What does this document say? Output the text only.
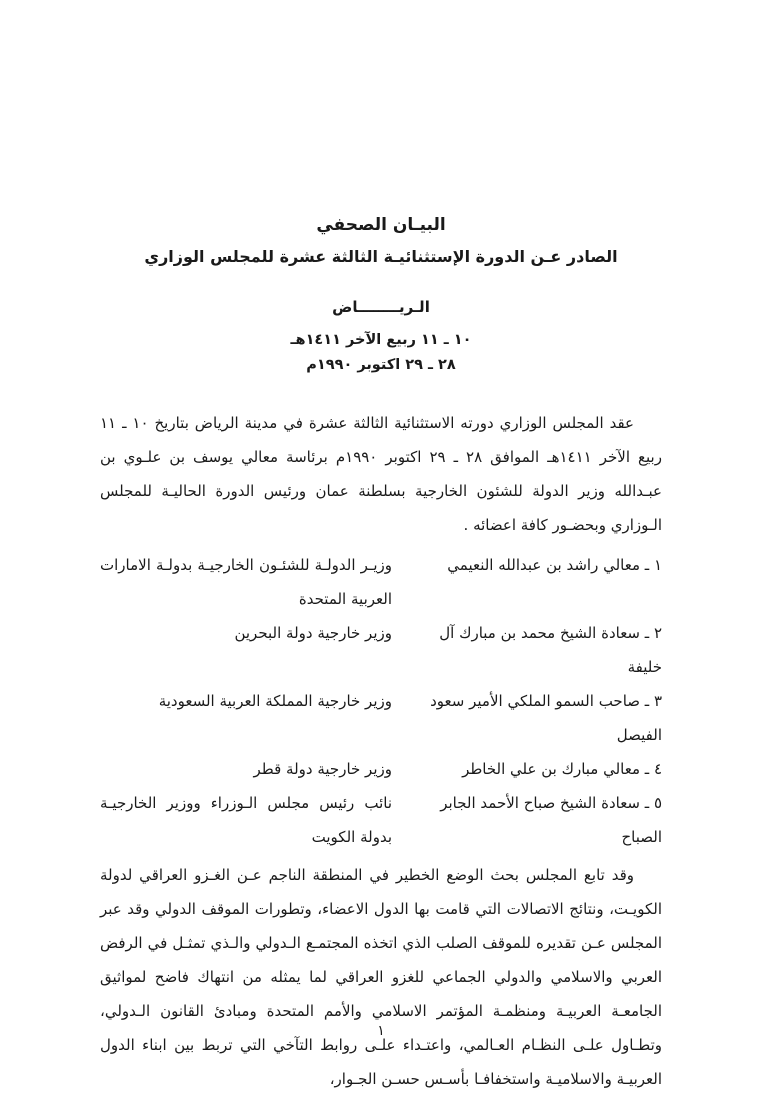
البيـان الصحفي
الصادر عـن الدورة الإستثنائيـة الثالثة عشرة للمجلس الوزاري
الـريــــــــاض
١٠ ـ ١١ ربيع الآخر ١٤١١هـ
٢٨ ـ ٢٩ اكتوبر ١٩٩٠م

عقد المجلس الوزاري دورته الاستثنائية الثالثة عشرة في مدينة الرياض بتاريخ ١٠ ـ ١١ ربيع الآخر ١٤١١هـ الموافق ٢٨ ـ ٢٩ اكتوبر ١٩٩٠م برئاسة معالي يوسف بن علـوي بن عبـدالله وزير الدولة للشئون الخارجية بسلطنة عمان ورئيس الدورة الحاليـة للمجلس الـوزاري وبحضـور كافة اعضائه .

١ ـ معالي راشد بن عبدالله النعيمي
وزيـر الدولـة للشئـون الخارجيـة بدولـة الامارات العربية المتحدة
٢ ـ سعادة الشيخ محمد بن مبارك آل خليفة
وزير خارجية دولة البحرين
٣ ـ صاحب السمو الملكي الأمير سعود الفيصل
وزير خارجية المملكة العربية السعودية
٤ ـ معالي مبارك بن علي الخاطر
وزير خارجية دولة قطر
٥ ـ سعادة الشيخ صباح الأحمد الجابر الصباح
نائب رئيس مجلس الـوزراء ووزير الخارجيـة بدولة الكويت

وقد تابع المجلس بحث الوضع الخطير في المنطقة الناجم عـن الغـزو العراقي لدولة الكويـت، ونتائج الاتصالات التي قامت بها الدول الاعضاء، وتطورات الموقف الدولي وقد عبر المجلس عـن تقديره للموقف الصلب الذي اتخذه المجتمـع الـدولي والـذي تمثـل في الرفض العربي والاسلامي والدولي الجماعي للغزو العراقي لما يمثله من انتهاك فاضح لمواثيق الجامعـة العربيـة ومنظمـة المؤتمر الاسلامي والأمم المتحدة ومبادئ القانون الـدولي، وتطـاول علـى النظـام العـالمي، واعتـداء علـى روابط التآخي التي تربط بين ابناء الدول العربيـة والاسلاميـة واستخفافـا بأسـس حسـن الجـوار،

١
